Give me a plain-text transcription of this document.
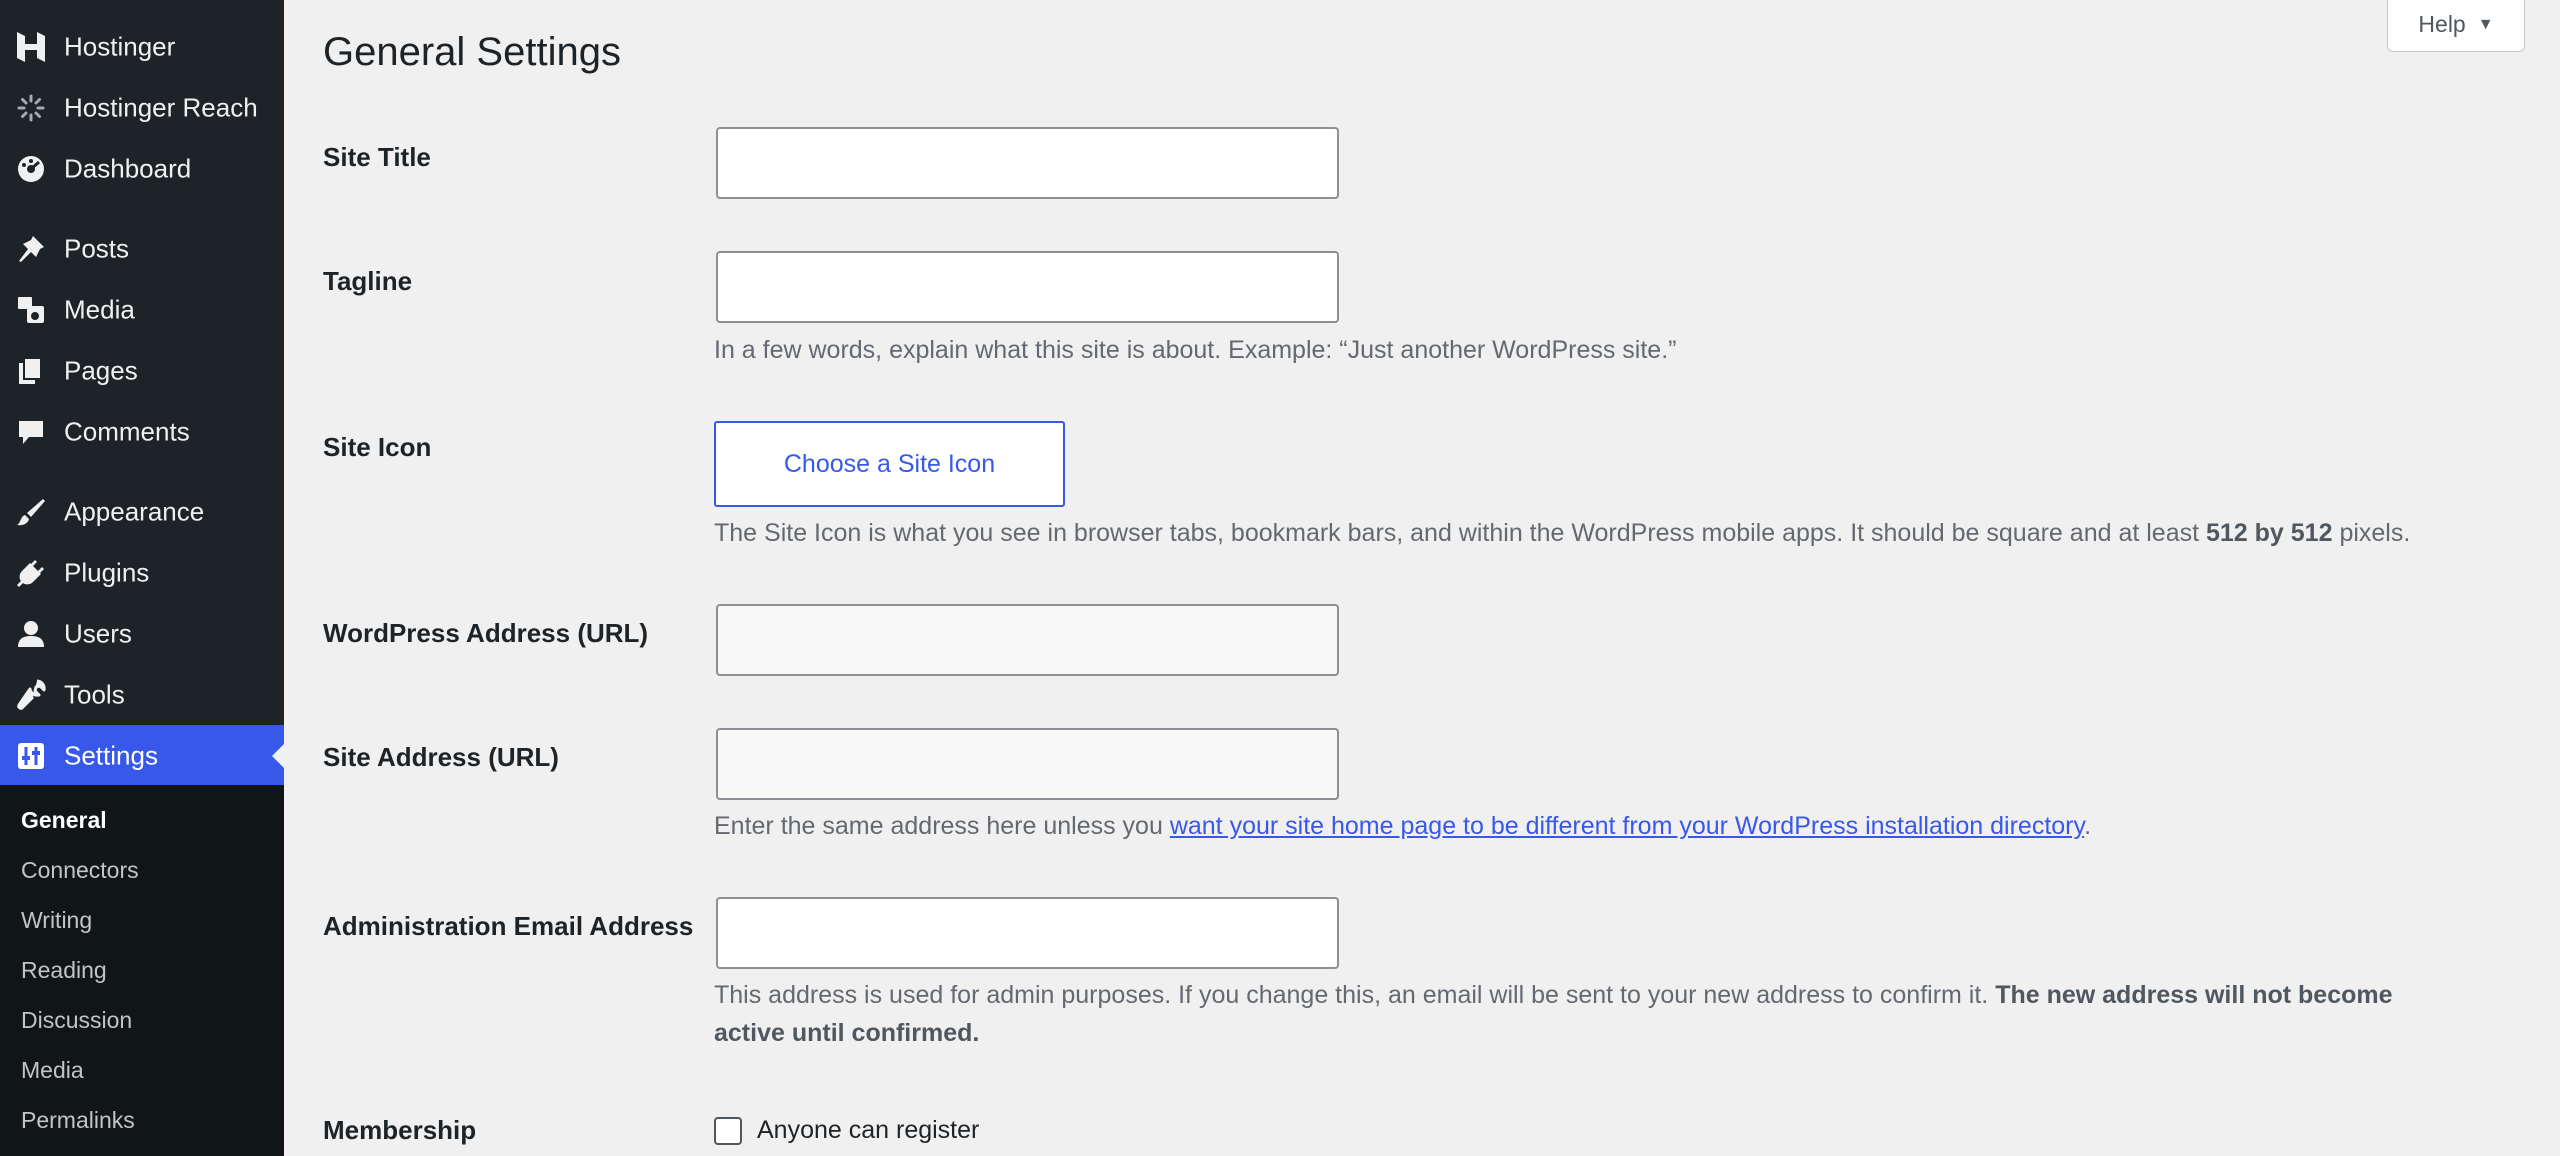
Hostinger
Hostinger Reach
Dashboard
Posts
Media
Pages
Comments
Appearance
Plugins
Users
Tools
Settings
General
Connectors
Writing
Reading
Discussion
Media
Permalinks
Help ▼
General Settings
Site Title
Tagline

In a few words, explain what this site is about. Example: “Just another WordPress site.”

Site Icon
Choose a Site Icon

The Site Icon is what you see in browser tabs, bookmark bars, and within the WordPress mobile apps. It should be square and at least 512 by 512 pixels.

WordPress Address (URL)
Site Address (URL)

Enter the same address here unless you want your site home page to be different from your WordPress installation directory.

Administration Email Address

This address is used for admin purposes. If you change this, an email will be sent to your new address to confirm it. The new address will not become

active until confirmed.

Membership	Anyone can register
